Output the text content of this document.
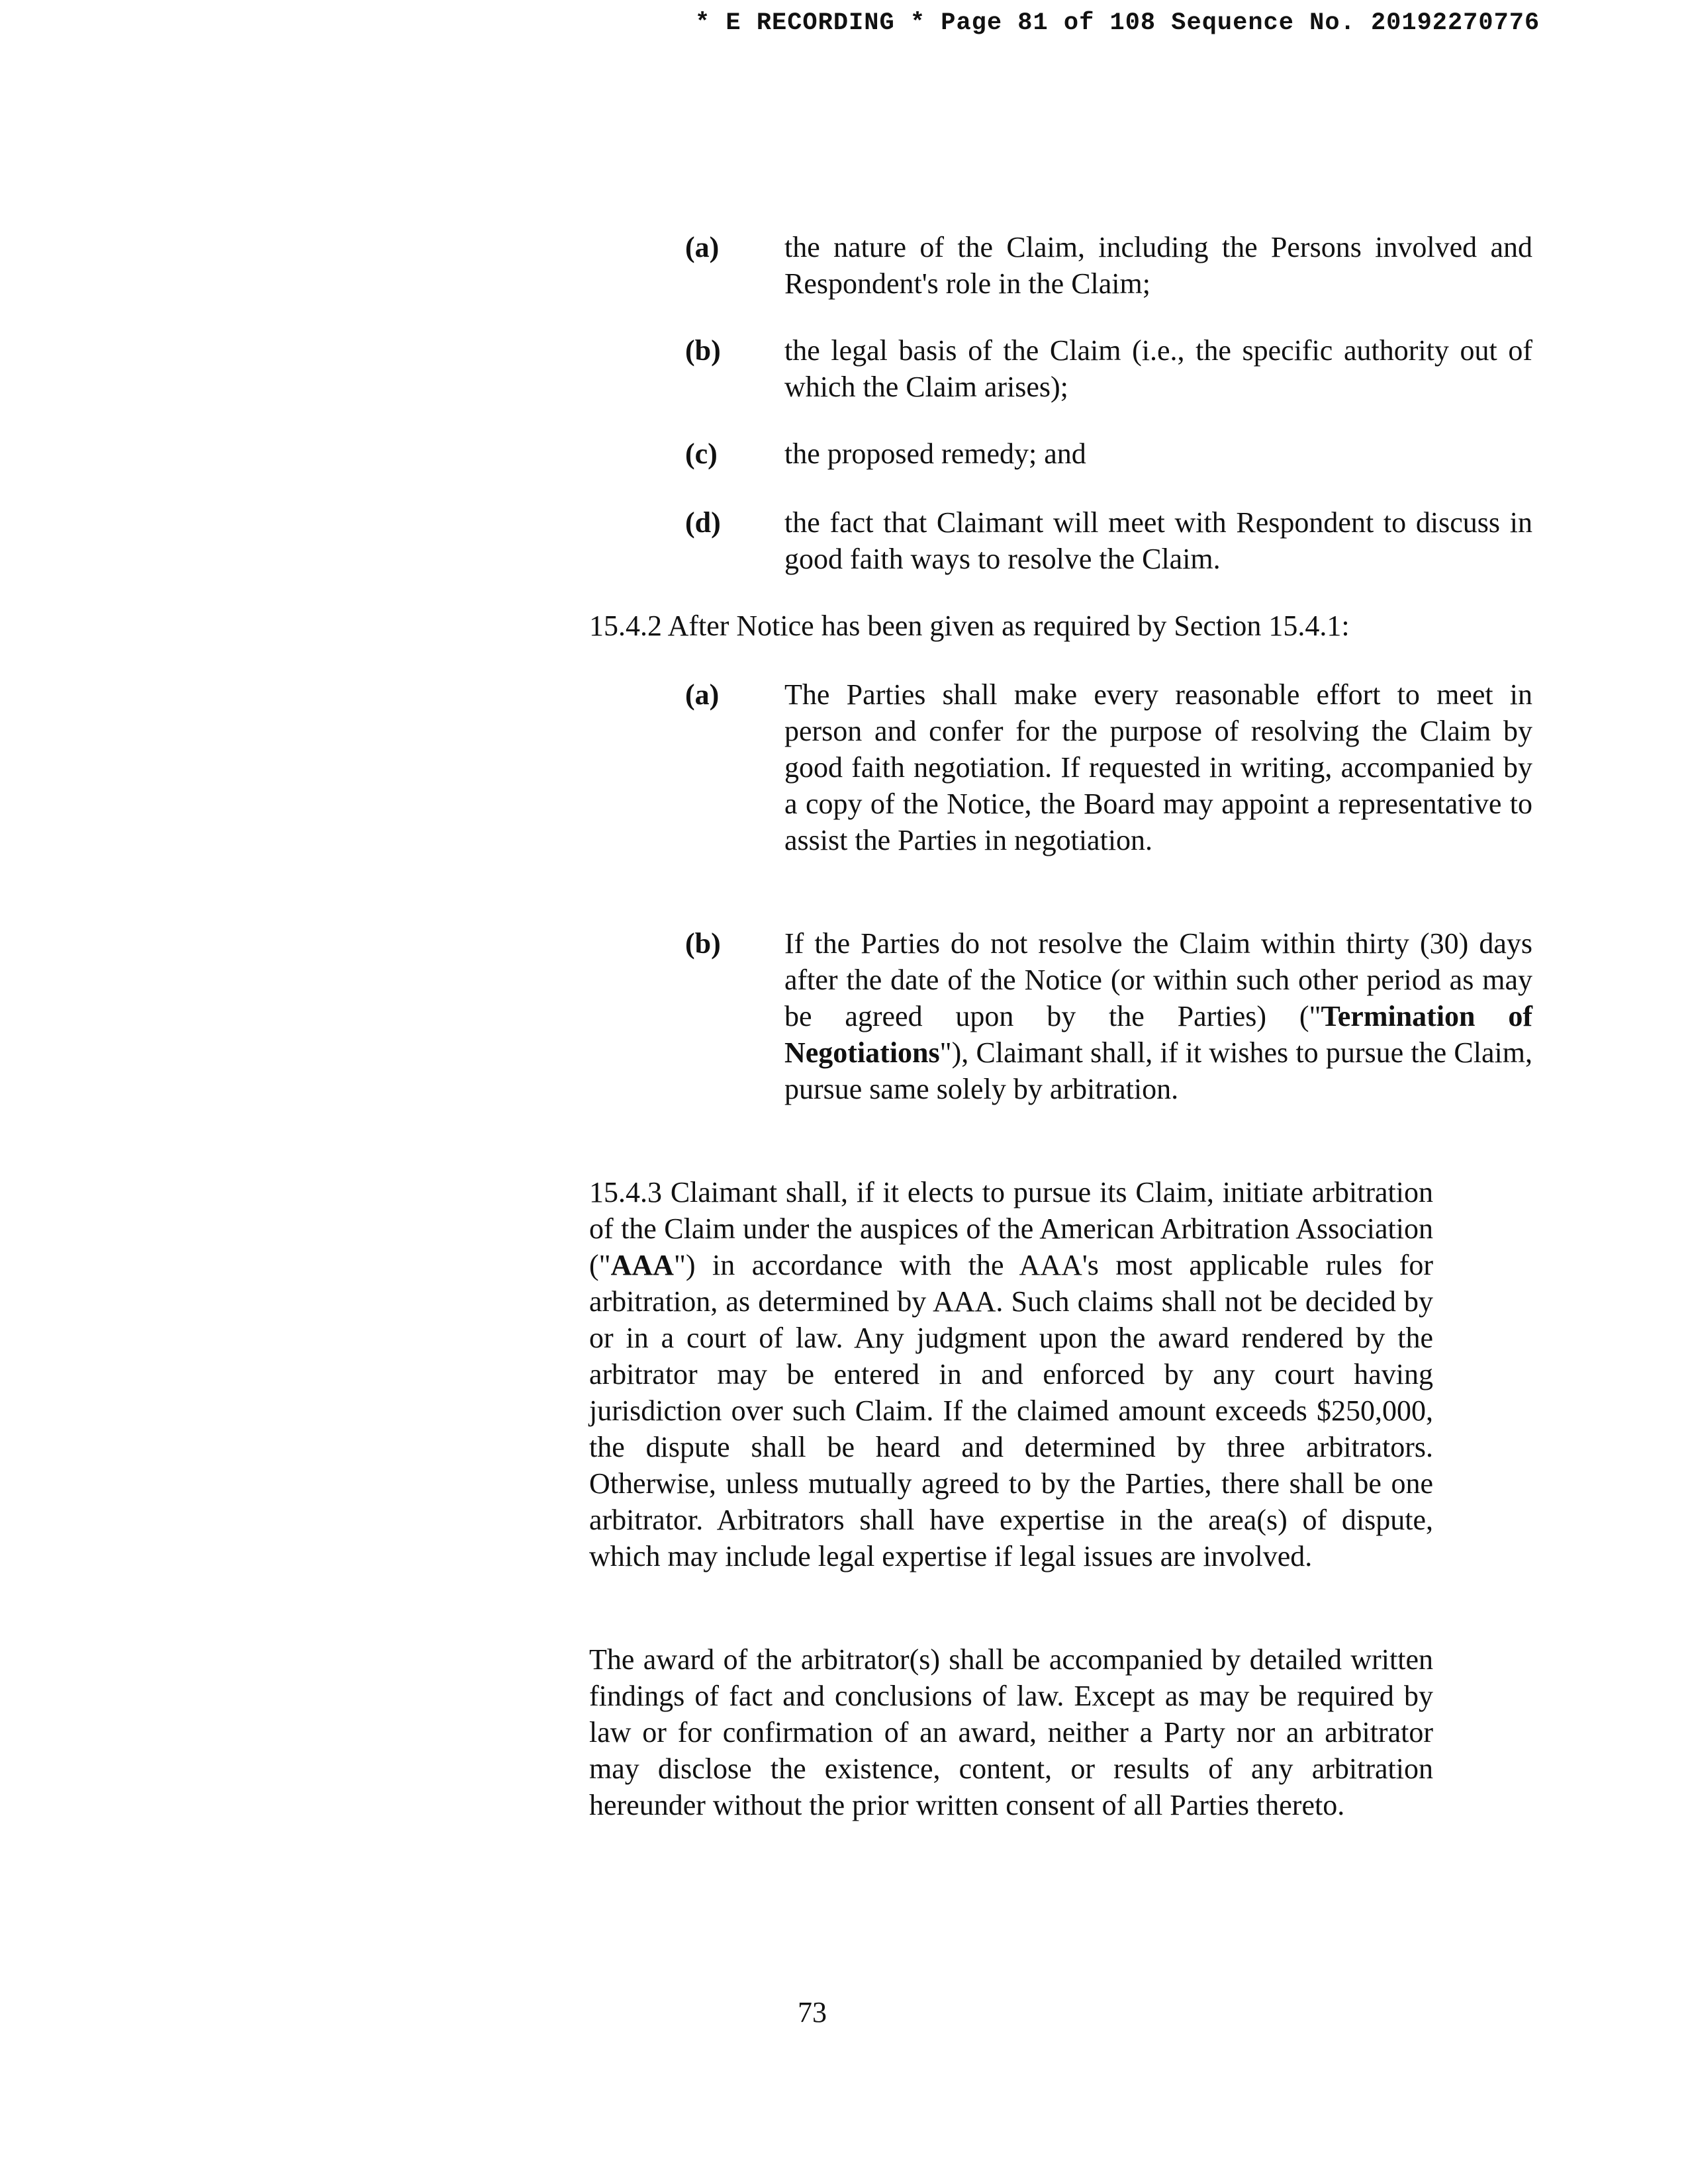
* E RECORDING * Page 81 of 108 Sequence No. 20192270776
(a) the nature of the Claim, including the Persons involved and Respondent's role in the Claim;
(b) the legal basis of the Claim (i.e., the specific authority out of which the Claim arises);
(c) the proposed remedy; and
(d) the fact that Claimant will meet with Respondent to discuss in good faith ways to resolve the Claim.
15.4.2 After Notice has been given as required by Section 15.4.1:
(a) The Parties shall make every reasonable effort to meet in person and confer for the purpose of resolving the Claim by good faith negotiation. If requested in writing, accompanied by a copy of the Notice, the Board may appoint a representative to assist the Parties in negotiation.
(b) If the Parties do not resolve the Claim within thirty (30) days after the date of the Notice (or within such other period as may be agreed upon by the Parties) ("Termination of Negotiations"), Claimant shall, if it wishes to pursue the Claim, pursue same solely by arbitration.
15.4.3 Claimant shall, if it elects to pursue its Claim, initiate arbitration of the Claim under the auspices of the American Arbitration Association ("AAA") in accordance with the AAA's most applicable rules for arbitration, as determined by AAA. Such claims shall not be decided by or in a court of law. Any judgment upon the award rendered by the arbitrator may be entered in and enforced by any court having jurisdiction over such Claim. If the claimed amount exceeds $250,000, the dispute shall be heard and determined by three arbitrators. Otherwise, unless mutually agreed to by the Parties, there shall be one arbitrator. Arbitrators shall have expertise in the area(s) of dispute, which may include legal expertise if legal issues are involved.
The award of the arbitrator(s) shall be accompanied by detailed written findings of fact and conclusions of law. Except as may be required by law or for confirmation of an award, neither a Party nor an arbitrator may disclose the existence, content, or results of any arbitration hereunder without the prior written consent of all Parties thereto.
73
